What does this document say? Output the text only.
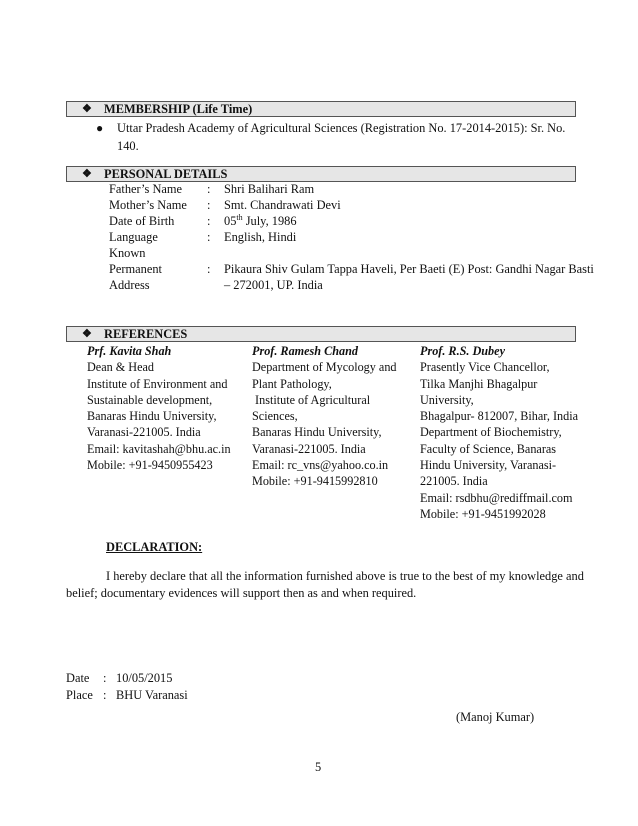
❖ MEMBERSHIP (Life Time)
● Uttar Pradesh Academy of Agricultural Sciences (Registration No. 17-2014-2015): Sr. No.
140.
❖ PERSONAL DETAILS
Father’s Name : Shri Balihari Ram
Mother’s Name : Smt. Chandrawati Devi
Date of Birth	: 05th July, 1986
Language	: English, Hindi
Known
Permanent	: Pikaura Shiv Gulam Tappa Haveli, Per Baeti (E) Post: Gandhi Nagar Basti
Address	– 272001, UP. India
❖ REFERENCES
Prf. Kavita Shah
Dean & Head
Institute of Environment and
Sustainable development,
Banaras Hindu University,
Varanasi-221005. India
Email: kavitashah@bhu.ac.in
Mobile: +91-9450955423
Prof. Ramesh Chand
Department of Mycology and
Plant Pathology,
Institute of Agricultural
Sciences,
Banaras Hindu University,
Varanasi-221005. India
Email: rc_vns@yahoo.co.in
Mobile: +91-9415992810
Prof. R.S. Dubey
Prasently Vice Chancellor,
Tilka Manjhi Bhagalpur
University,
Bhagalpur- 812007, Bihar, India
Department of Biochemistry,
Faculty of Science, Banaras
Hindu University, Varanasi-
221005. India
Email: rsdbhu@rediffmail.com
Mobile: +91-9451992028
DECLARATION:
I hereby declare that all the information furnished above is true to the best of my knowledge and belief; documentary evidences will support then as and when required.
Date : 10/05/2015
Place : BHU Varanasi
(Manoj Kumar)
5
